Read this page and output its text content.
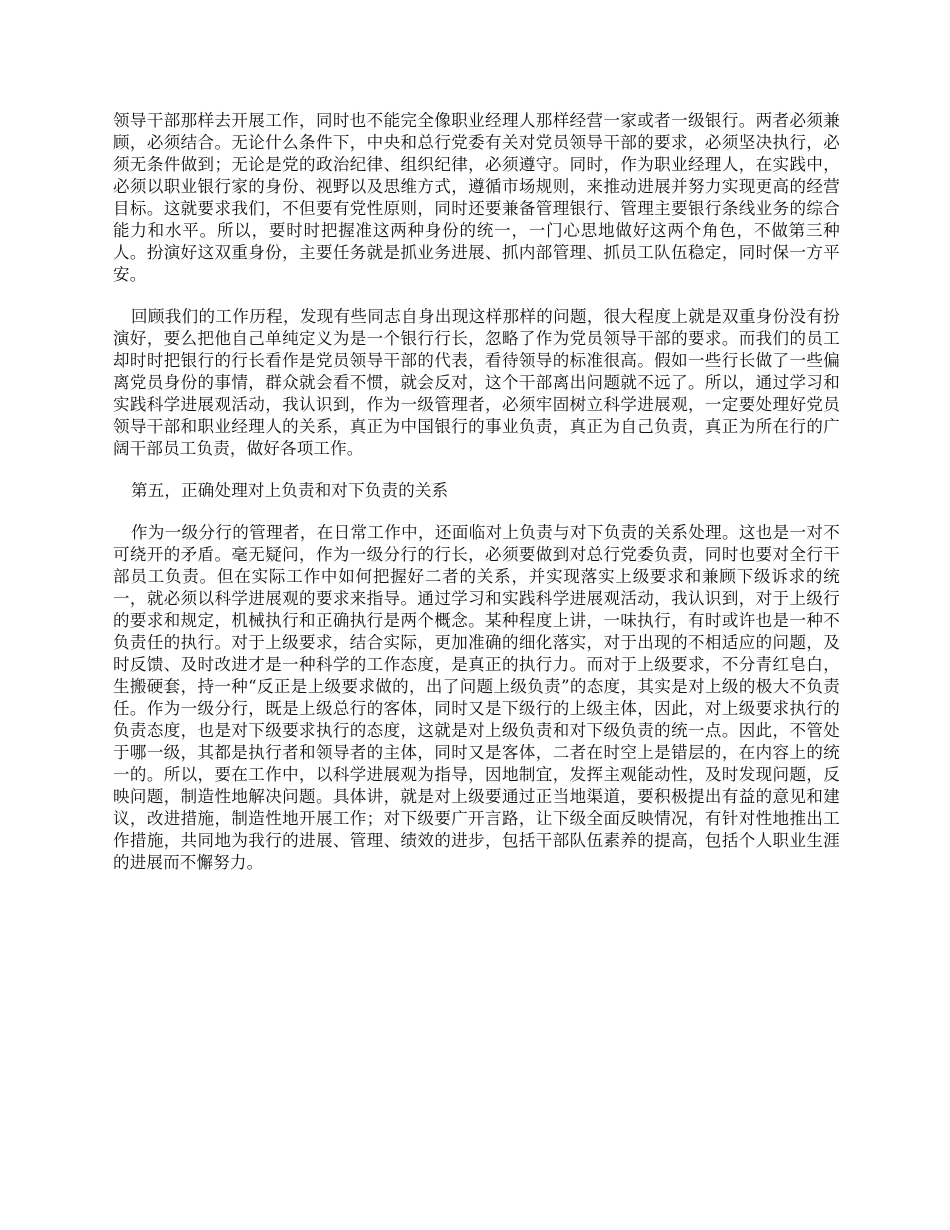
领导干部那样去开展工作，同时也不能完全像职业经理人那样经营一家或者一级银行。两者必须兼顾，必须结合。无论什么条件下，中央和总行党委有关对党员领导干部的要求，必须坚决执行，必须无条件做到；无论是党的政治纪律、组织纪律，必须遵守。同时，作为职业经理人，在实践中，必须以职业银行家的身份、视野以及思维方式，遵循市场规则，来推动进展并努力实现更高的经营目标。这就要求我们，不但要有党性原则，同时还要兼备管理银行、管理主要银行条线业务的综合能力和水平。所以，要时时把握准这两种身份的统一，一门心思地做好这两个角色，不做第三种人。扮演好这双重身份，主要任务就是抓业务进展、抓内部管理、抓员工队伍稳定，同时保一方平安。

回顾我们的工作历程，发现有些同志自身出现这样那样的问题，很大程度上就是双重身份没有扮演好，要么把他自己单纯定义为是一个银行行长，忽略了作为党员领导干部的要求。而我们的员工却时时把银行的行长看作是党员领导干部的代表，看待领导的标准很高。假如一些行长做了一些偏离党员身份的事情，群众就会看不惯，就会反对，这个干部离出问题就不远了。所以，通过学习和实践科学进展观活动，我认识到，作为一级管理者，必须牢固树立科学进展观，一定要处理好党员领导干部和职业经理人的关系，真正为中国银行的事业负责，真正为自己负责，真正为所在行的广阔干部员工负责，做好各项工作。

第五，正确处理对上负责和对下负责的关系

作为一级分行的管理者，在日常工作中，还面临对上负责与对下负责的关系处理。这也是一对不可绕开的矛盾。毫无疑问，作为一级分行的行长，必须要做到对总行党委负责，同时也要对全行干部员工负责。但在实际工作中如何把握好二者的关系，并实现落实上级要求和兼顾下级诉求的统一，就必须以科学进展观的要求来指导。通过学习和实践科学进展观活动，我认识到，对于上级行的要求和规定，机械执行和正确执行是两个概念。某种程度上讲，一味执行，有时或许也是一种不负责任的执行。对于上级要求，结合实际，更加准确的细化落实，对于出现的不相适应的问题，及时反馈、及时改进才是一种科学的工作态度，是真正的执行力。而对于上级要求，不分青红皂白，生搬硬套，持一种“反正是上级要求做的，出了问题上级负责”的态度，其实是对上级的极大不负责任。作为一级分行，既是上级总行的客体，同时又是下级行的上级主体，因此，对上级要求执行的负责态度，也是对下级要求执行的态度，这就是对上级负责和对下级负责的统一点。因此，不管处于哪一级，其都是执行者和领导者的主体，同时又是客体，二者在时空上是错层的，在内容上的统一的。所以，要在工作中，以科学进展观为指导，因地制宜，发挥主观能动性，及时发现问题，反映问题，制造性地解决问题。具体讲，就是对上级要通过正当地渠道，要积极提出有益的意见和建议，改进措施，制造性地开展工作；对下级要广开言路，让下级全面反映情况，有针对性地推出工作措施，共同地为我行的进展、管理、绩效的进步，包括干部队伍素养的提高，包括个人职业生涯的进展而不懈努力。
